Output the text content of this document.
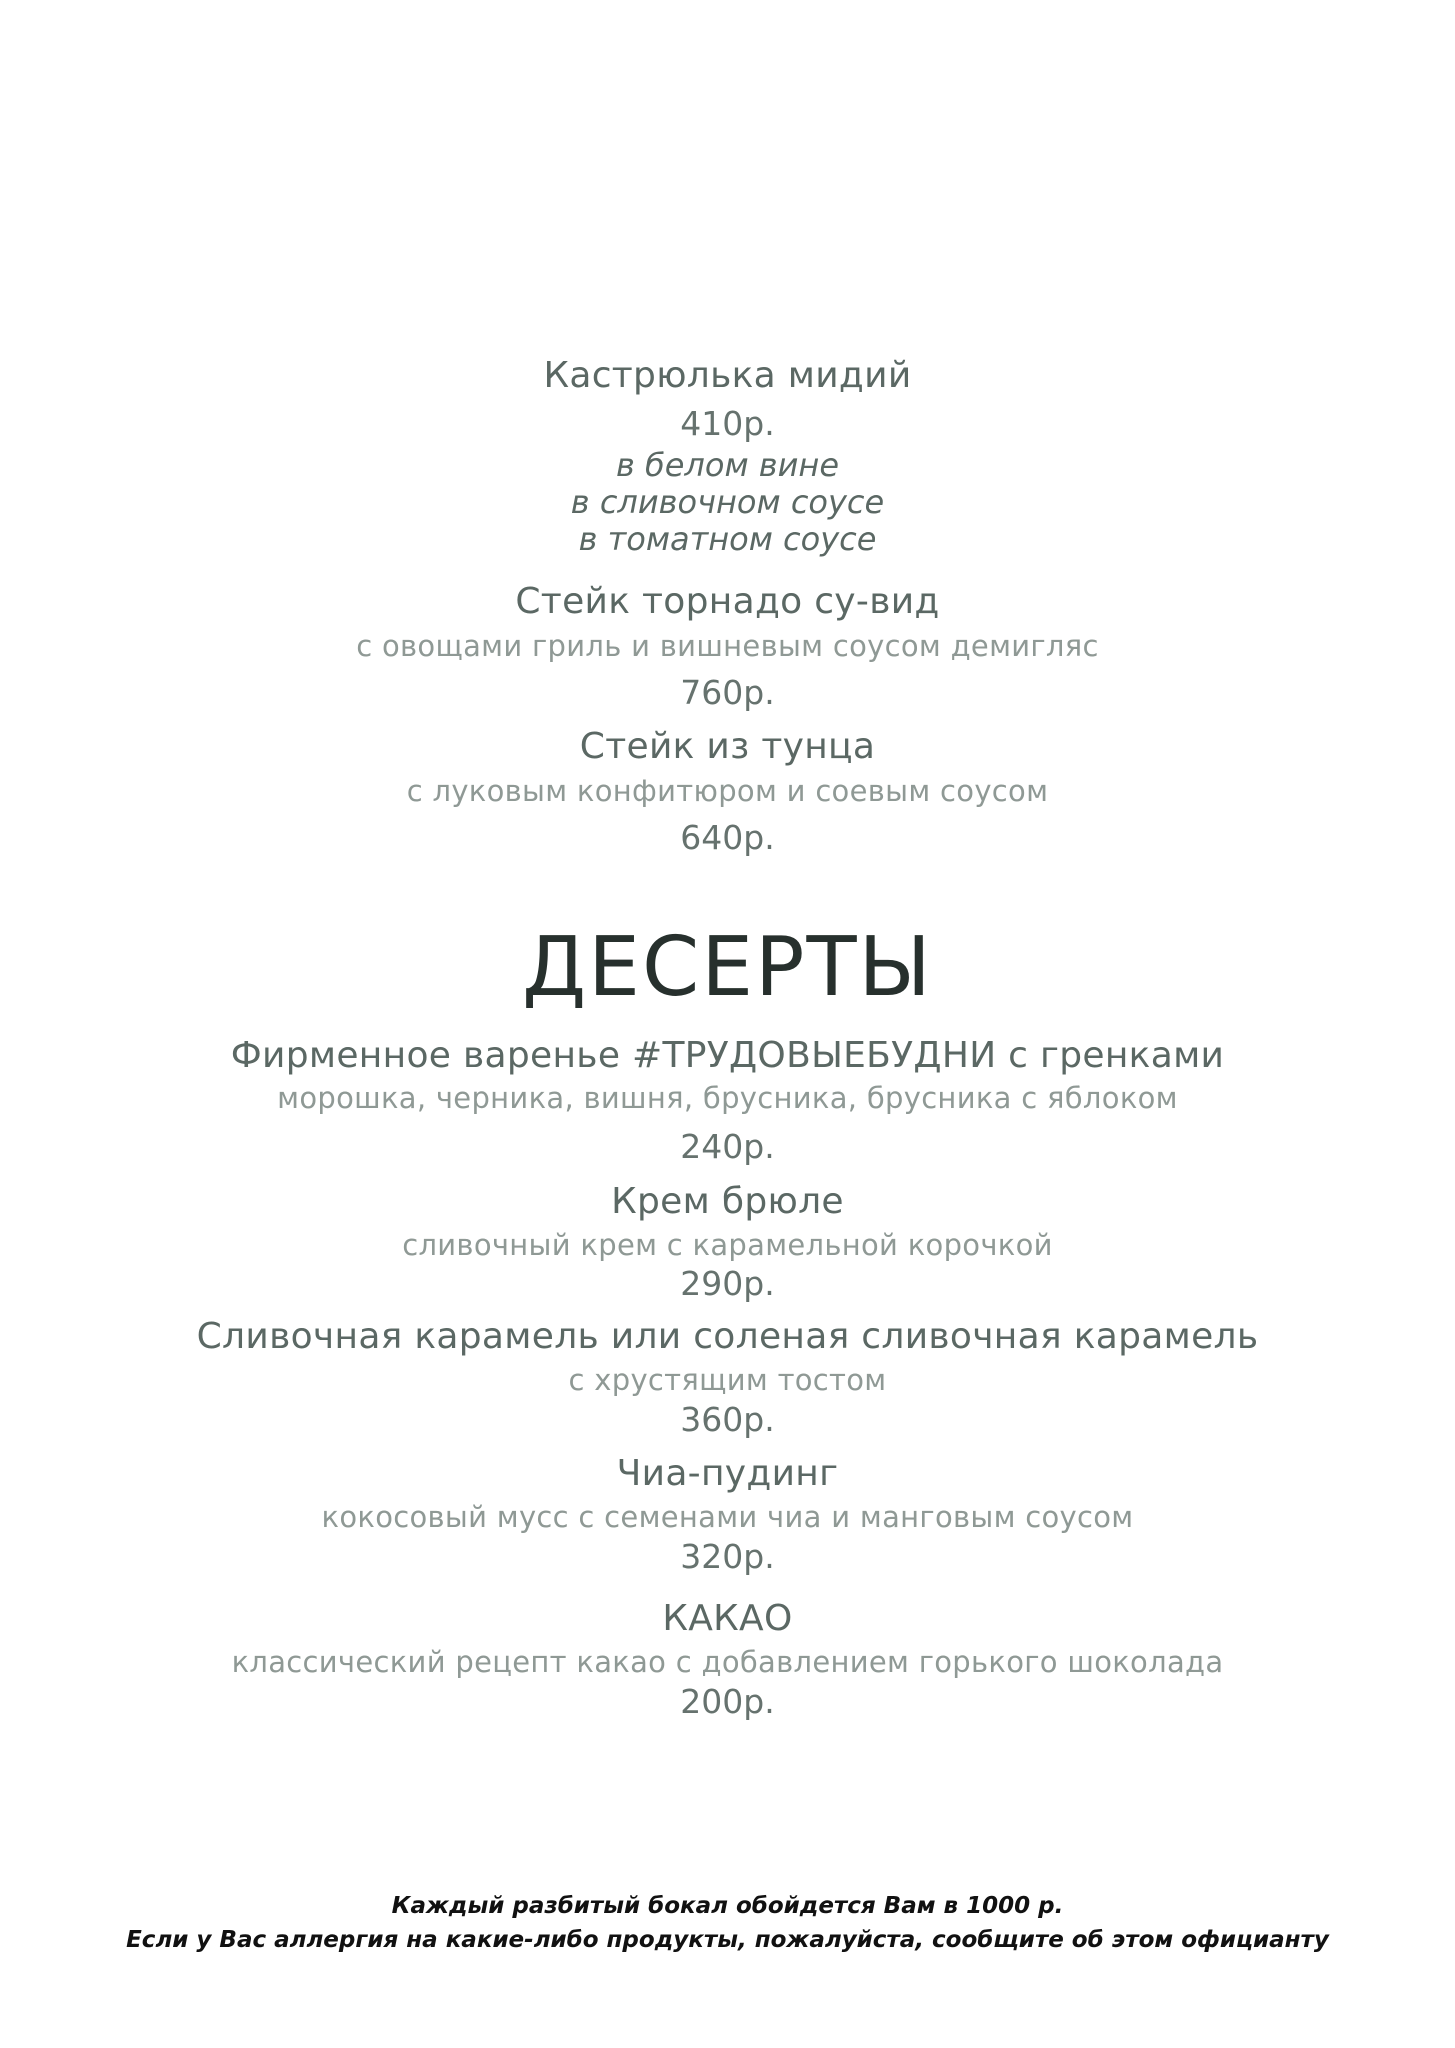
Кастрюлька мидий
410р.
в белом вине
в сливочном соусе
в томатном соусе
Стейк торнадо су-вид
с овощами гриль и вишневым соусом демигляс
760р.
Стейк из тунца
с луковым конфитюром и соевым соусом
640р.
ДЕСЕРТЫ
Фирменное варенье #ТРУДОВЫЕБУДНИ с гренками
морошка, черника, вишня, брусника, брусника с яблоком
240р.
Крем брюле
сливочный крем с карамельной корочкой
290р.
Сливочная карамель или соленая сливочная карамель
с хрустящим тостом
360р.
Чиа-пудинг
кокосовый мусс с семенами чиа и манговым соусом
320р.
КАКАО
классический рецепт какао с добавлением горького шоколада
200р.
Каждый разбитый бокал обойдется Вам в 1000 р.
Если у Вас аллергия на какие-либо продукты, пожалуйста, сообщите об этом официанту
